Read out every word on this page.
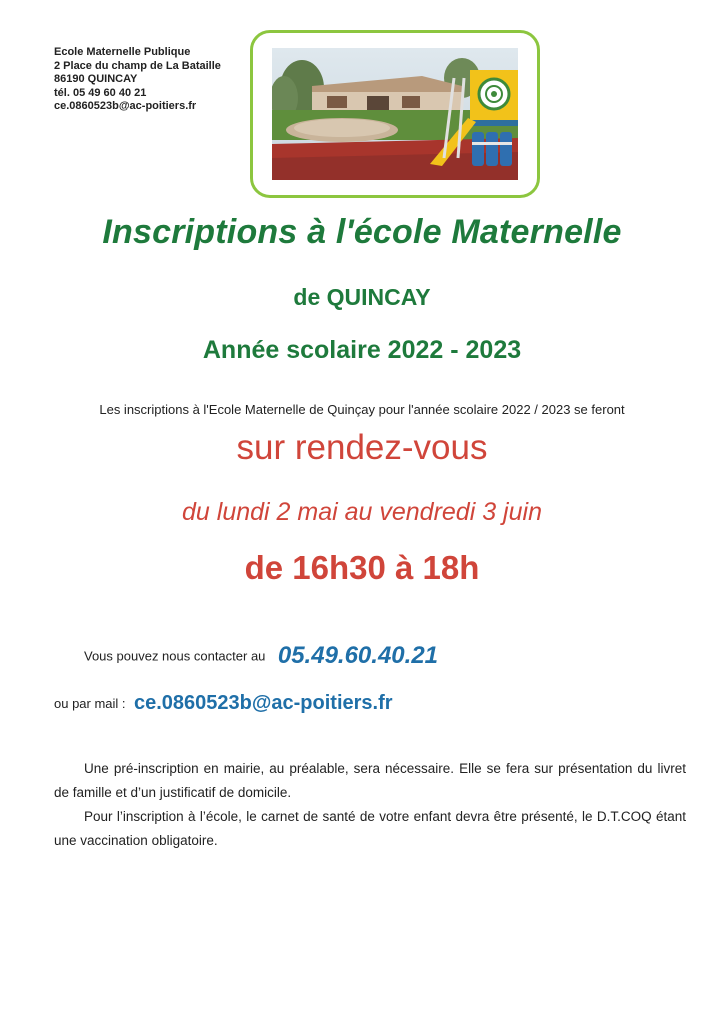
Ecole Maternelle Publique
2 Place du champ de La Bataille
86190 QUINCAY
tél. 05 49 60 40 21
ce.0860523b@ac-poitiers.fr
Inscriptions à l'école Maternelle
de QUINCAY
Année scolaire 2022 - 2023
Les inscriptions à l'Ecole Maternelle de Quinçay pour l'année scolaire 2022 / 2023 se feront
sur rendez-vous
du lundi 2 mai au vendredi 3 juin
de 16h30 à 18h
Vous pouvez nous contacter au 05.49.60.40.21
ou par mail : ce.0860523b@ac-poitiers.fr

Une pré-inscription en mairie, au préalable, sera nécessaire. Elle se fera sur présentation du livret de famille et d’un justificatif de domicile.

Pour l’inscription à l’école, le carnet de santé de votre enfant devra être présenté, le D.T.COQ étant une vaccination obligatoire.
